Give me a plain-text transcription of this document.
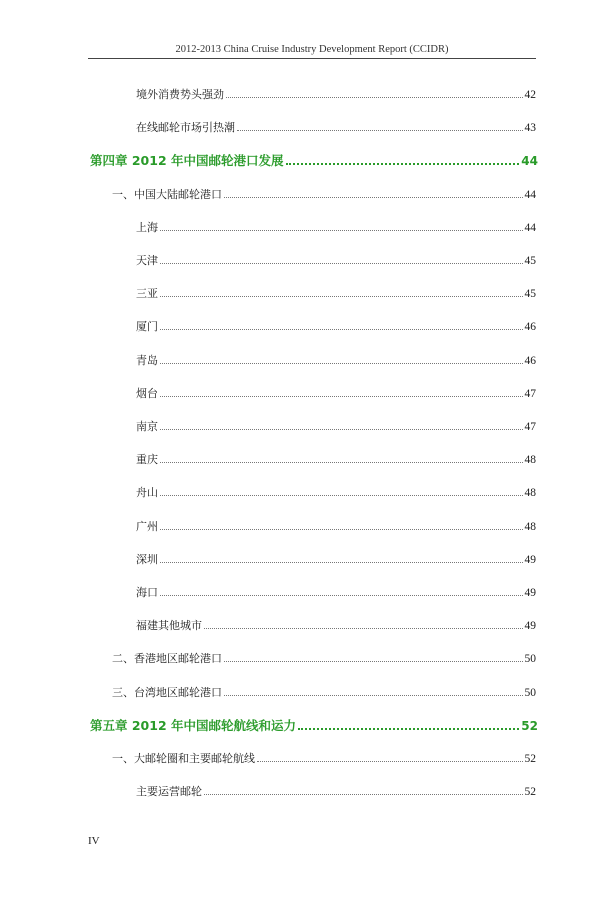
2012-2013 China Cruise Industry Development Report (CCIDR)
境外消费势头强劲	42
在线邮轮市场引热潮	43
第四章 2012 年中国邮轮港口发展	44
一、中国大陆邮轮港口	44
上海	44
天津	45
三亚	45
厦门	46
青岛	46
烟台	47
南京	47
重庆	48
舟山	48
广州	48
深圳	49
海口	49
福建其他城市	49
二、香港地区邮轮港口	50
三、台湾地区邮轮港口	50
第五章 2012 年中国邮轮航线和运力	52
一、大邮轮圈和主要邮轮航线	52
主要运营邮轮	52
IV
